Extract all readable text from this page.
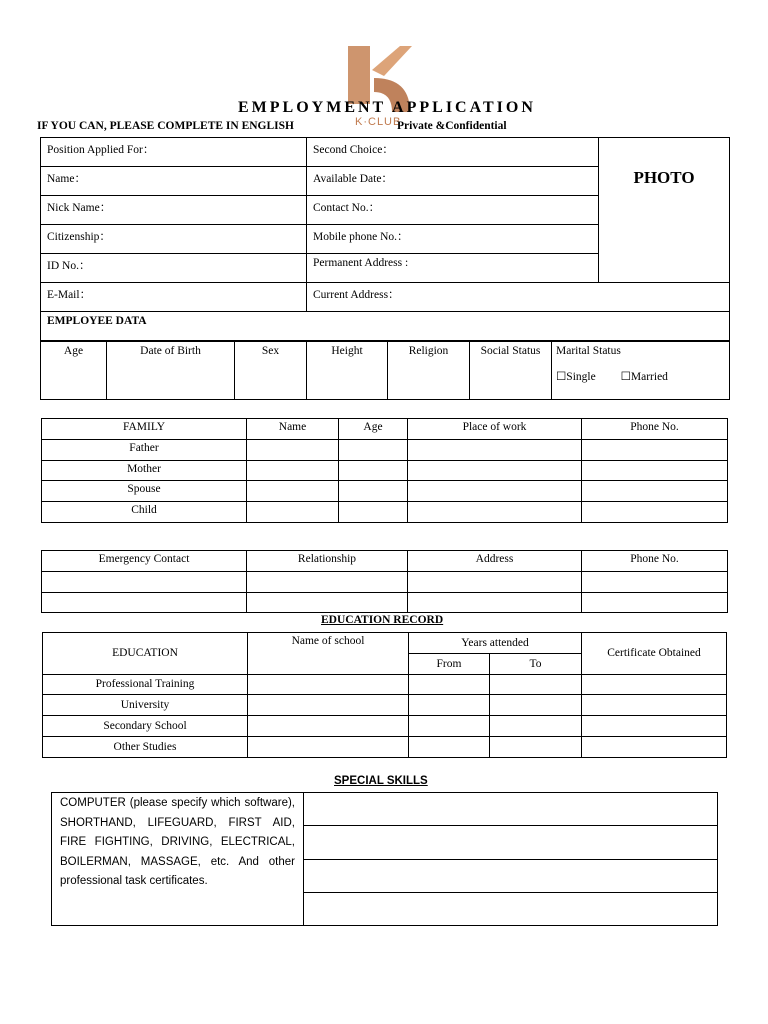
K·CLUB
EMPLOYMENT APPLICATION
IF YOU CAN, PLEASE COMPLETE IN ENGLISH	Private &Confidential
Position Applied For：	Second Choice：	PHOTO
Name：	Available Date：	
Nick Name：	Contact No.：	
Citizenship：	Mobile phone No.：	
ID No.：	Permanent Address :	
E-Mail：	Current Address：	
EMPLOYEE DATA		
Age	Date of Birth	Sex	Height	Religion	Social Status	Marital Status
☐Single ☐Married
FAMILY	Name	Age	Place of work	Phone No.
Father				
Mother				
Spouse				
Child				
Emergency Contact	Relationship	Address	Phone No.

EDUCATION RECORD
EDUCATION	Name of school	Years attended		Certificate Obtained
		From	To	
Professional Training				
University				
Secondary School				
Other Studies				
SPECIAL SKILLS
COMPUTER (please specify which software), SHORTHAND, LIFEGUARD, FIRST AID, FIRE FIGHTING, DRIVING, ELECTRICAL, BOILERMAN, MASSAGE, etc. And other professional task certificates.	
